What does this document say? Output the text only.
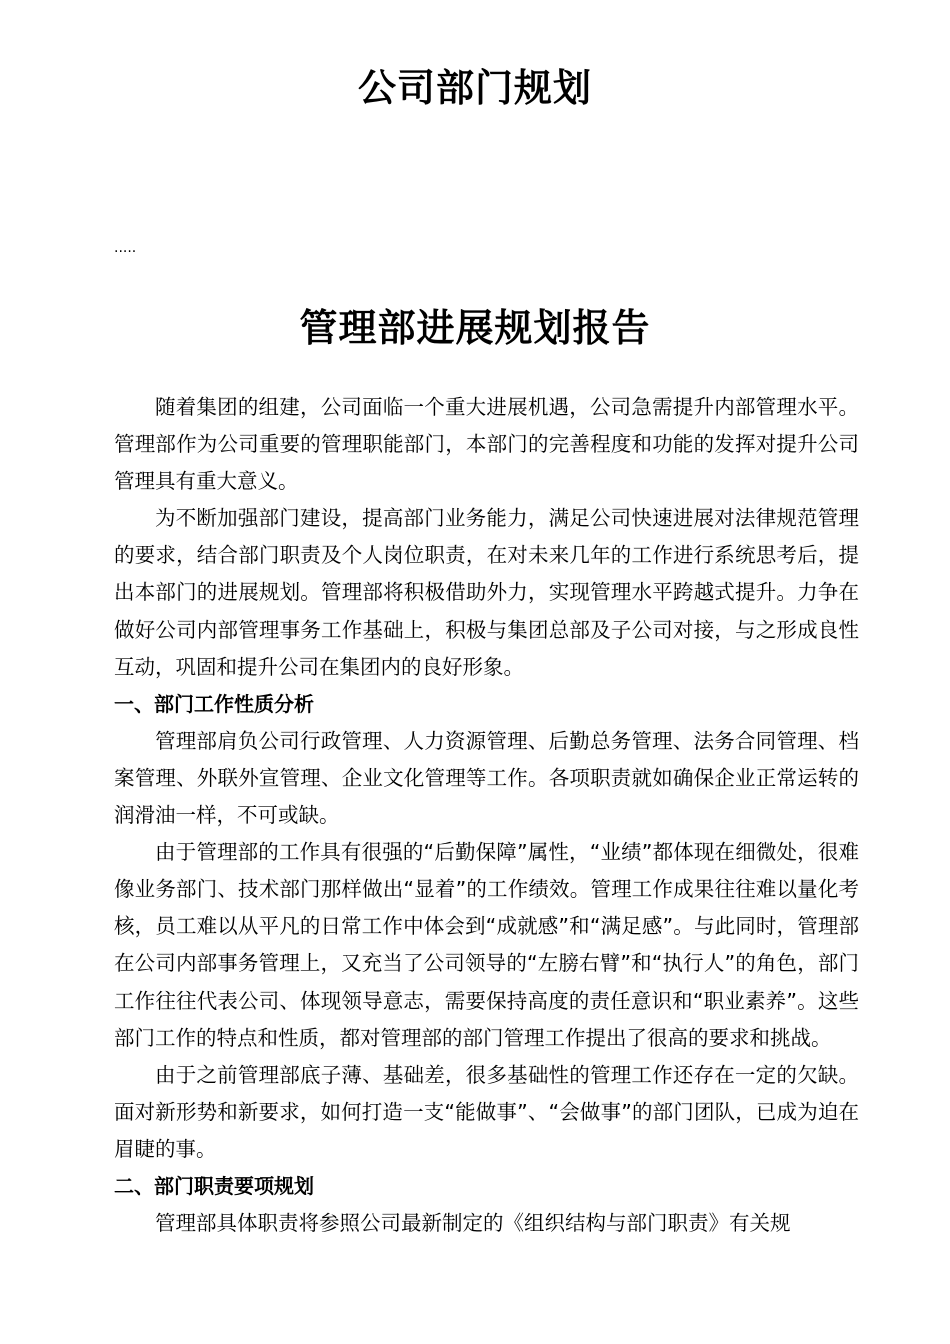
公司部门规划
.....
管理部进展规划报告

随着集团的组建，公司面临一个重大进展机遇，公司急需提升内部管理水平。管理部作为公司重要的管理职能部门，本部门的完善程度和功能的发挥对提升公司管理具有重大意义。

为不断加强部门建设，提高部门业务能力，满足公司快速进展对法律规范管理的要求，结合部门职责及个人岗位职责，在对未来几年的工作进行系统思考后，提出本部门的进展规划。管理部将积极借助外力，实现管理水平跨越式提升。力争在做好公司内部管理事务工作基础上，积极与集团总部及子公司对接，与之形成良性互动，巩固和提升公司在集团内的良好形象。

一、部门工作性质分析

管理部肩负公司行政管理、人力资源管理、后勤总务管理、法务合同管理、档案管理、外联外宣管理、企业文化管理等工作。各项职责就如确保企业正常运转的润滑油一样，不可或缺。

由于管理部的工作具有很强的“后勤保障”属性，“业绩”都体现在细微处，很难像业务部门、技术部门那样做出“显着”的工作绩效。管理工作成果往往难以量化考核，员工难以从平凡的日常工作中体会到“成就感”和“满足感”。与此同时，管理部在公司内部事务管理上，又充当了公司领导的“左膀右臂”和“执行人”的角色，部门工作往往代表公司、体现领导意志，需要保持高度的责任意识和“职业素养”。这些部门工作的特点和性质，都对管理部的部门管理工作提出了很高的要求和挑战。

由于之前管理部底子薄、基础差，很多基础性的管理工作还存在一定的欠缺。面对新形势和新要求，如何打造一支“能做事”、“会做事”的部门团队，已成为迫在眉睫的事。

二、部门职责要项规划

管理部具体职责将参照公司最新制定的《组织结构与部门职责》有关规
